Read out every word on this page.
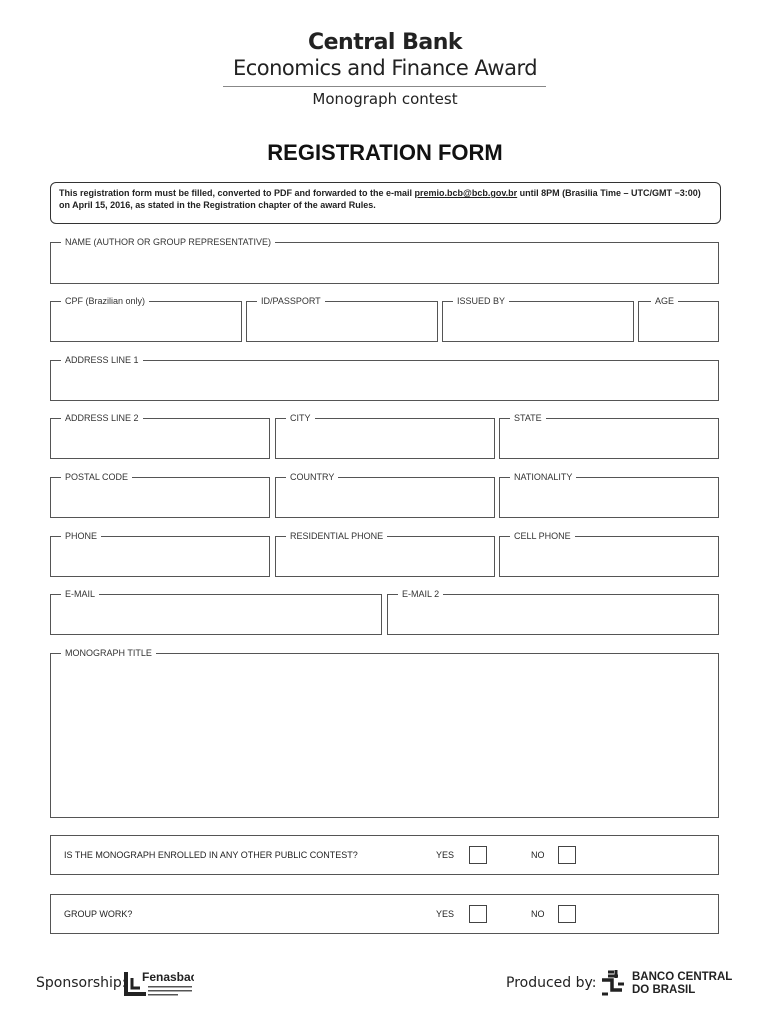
Central Bank
Economics and Finance Award
Monograph contest
REGISTRATION FORM
This registration form must be filled, converted to PDF and forwarded to the e-mail premio.bcb@bcb.gov.br until 8PM (Brasilia Time – UTC/GMT −3:00) on April 15, 2016, as stated in the Registration chapter of the award Rules.
NAME (AUTHOR OR GROUP REPRESENTATIVE)
CPF (Brazilian only)	ID/PASSPORT	ISSUED BY	AGE
ADDRESS LINE 1
ADDRESS LINE 2	CITY	STATE
POSTAL CODE	COUNTRY	NATIONALITY
PHONE	RESIDENTIAL PHONE	CELL PHONE
E-MAIL	E-MAIL 2
MONOGRAPH TITLE
IS THE MONOGRAPH ENROLLED IN ANY OTHER PUBLIC CONTEST?	YES	NO
GROUP WORK?	YES	NO
Sponsorship: Fenasbac	Produced by:	BANCO CENTRAL
DO BRASIL
